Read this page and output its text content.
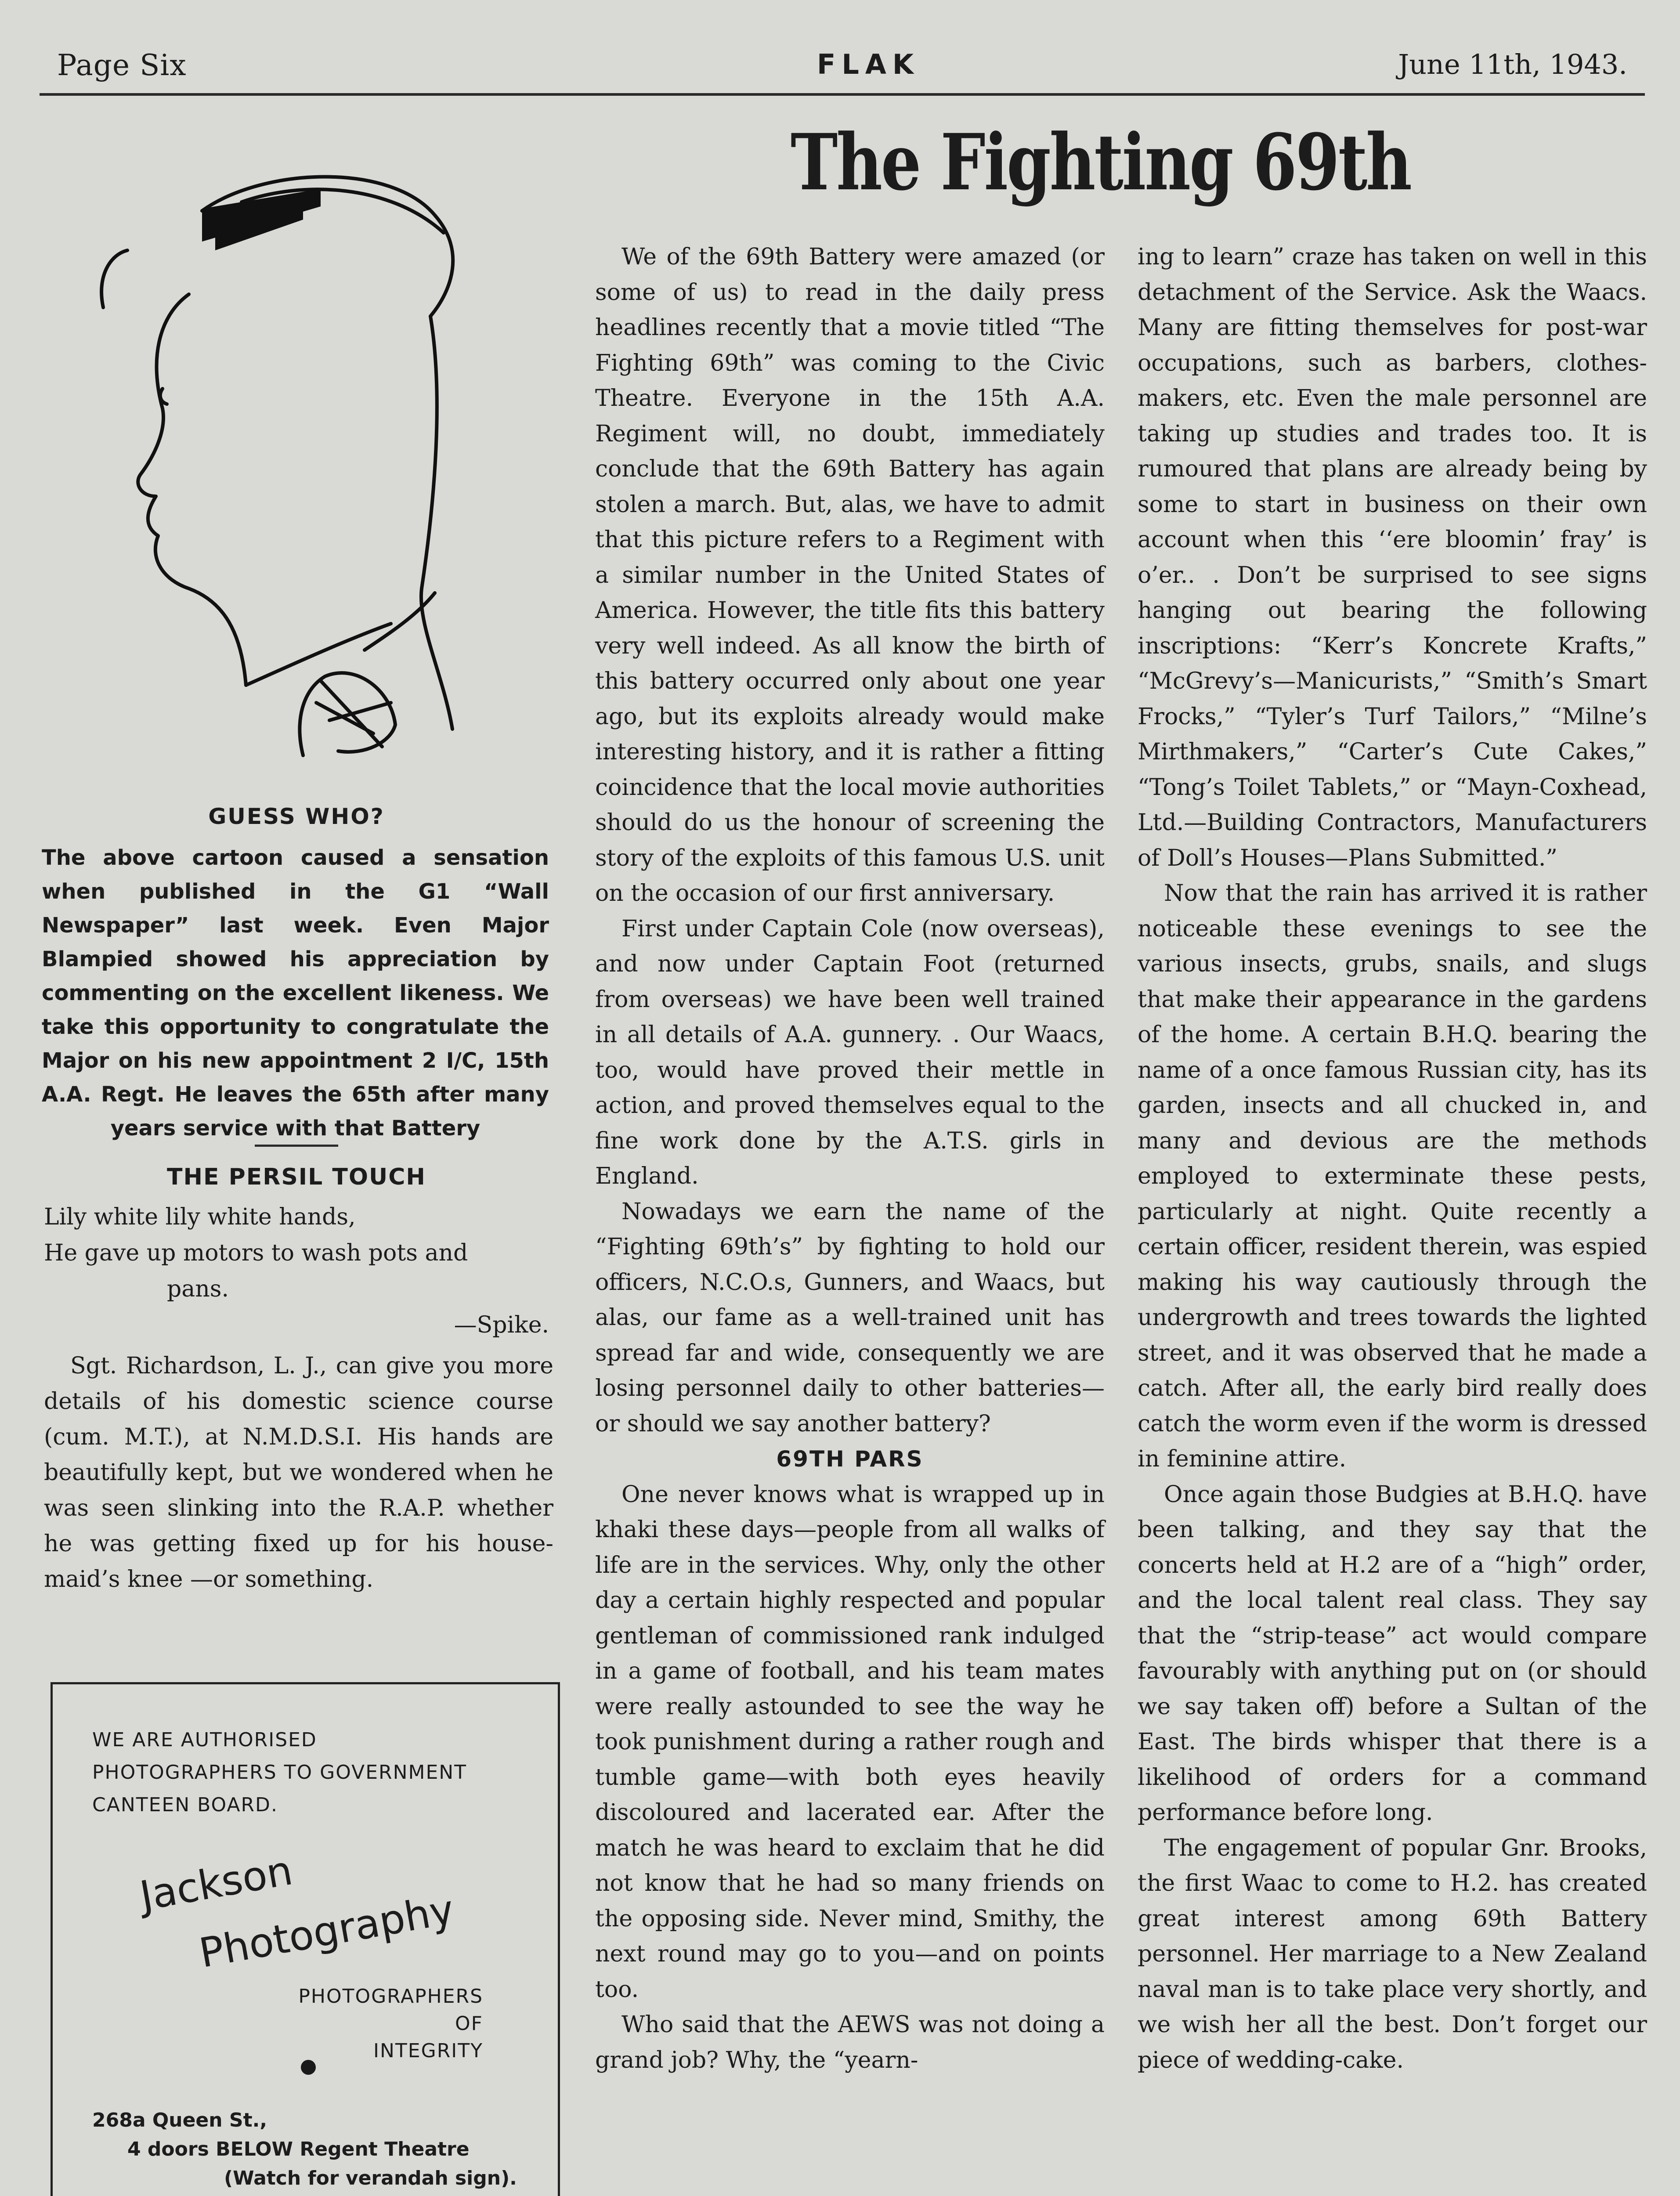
Page Six	FLAK	June 11th, 1943.
The Fighting 69th
GUESS WHO?
The above cartoon caused a sensation when published in the G1 “Wall Newspaper” last week. Even Major Blampied showed his appreciation by commenting on the excellent likeness. We take this opportunity to congratulate the Major on his new appointment 2 I/C, 15th A.A. Regt. He leaves the 65th after many years service with that Battery
THE PERSIL TOUCH
Lily white lily white hands,
He gave up motors to wash pots and
pans.
—Spike.
Sgt. Richardson, L. J., can give you more details of his domestic science course (cum. M.T.), at N.M.D.S.I. His hands are beautifully kept, but we wondered when he was seen slinking into the R.A.P. whether he was getting fixed up for his house-maid’s knee —or something.
WE ARE AUTHORISED
PHOTOGRAPHERS TO GOVERNMENT
CANTEEN BOARD.
Jackson
Photography
PHOTOGRAPHERS OF
INTEGRITY
268a Queen St.,
4 doors BELOW Regent Theatre
(Watch for verandah sign).

We of the 69th Battery were amazed (or some of us) to read in the daily press headlines recently that a movie titled “The Fighting 69th” was coming to the Civic Theatre. Everyone in the 15th A.A. Regiment will, no doubt, immediately conclude that the 69th Battery has again stolen a march. But, alas, we have to admit that this picture refers to a Regiment with a similar number in the United States of America. However, the title fits this battery very well indeed. As all know the birth of this battery occurred only about one year ago, but its exploits already would make interesting history, and it is rather a fitting coincidence that the local movie authorities should do us the honour of screening the story of the exploits of this famous U.S. unit on the occasion of our first anniversary.

First under Captain Cole (now overseas), and now under Captain Foot (returned from overseas) we have been well trained in all details of A.A. gunnery. . Our Waacs, too, would have proved their mettle in action, and proved themselves equal to the fine work done by the A.T.S. girls in England.

Nowadays we earn the name of the “Fighting 69th’s” by fighting to hold our officers, N.C.O.s, Gunners, and Waacs, but alas, our fame as a well-trained unit has spread far and wide, consequently we are losing personnel daily to other batteries—or should we say another battery?

69TH PARS

One never knows what is wrapped up in khaki these days—people from all walks of life are in the services. Why, only the other day a certain highly respected and popular gentleman of commissioned rank indulged in a game of football, and his team mates were really astounded to see the way he took punishment during a rather rough and tumble game—with both eyes heavily discoloured and lacerated ear. After the match he was heard to exclaim that he did not know that he had so many friends on the opposing side. Never mind, Smithy, the next round may go to you—and on points too.

Who said that the AEWS was not doing a grand job? Why, the “yearn-

ing to learn” craze has taken on well in this detachment of the Service. Ask the Waacs. Many are fitting themselves for post-war occupations, such as barbers, clothes-makers, etc. Even the male personnel are taking up studies and trades too. It is rumoured that plans are already being by some to start in business on their own account when this ‘‘ere bloomin’ fray’ is o’er.. . Don’t be surprised to see signs hanging out bearing the following inscriptions: “Kerr’s Koncrete Krafts,” “McGrevy’s—Manicurists,” “Smith’s Smart Frocks,” “Tyler’s Turf Tailors,” “Milne’s Mirthmakers,” “Carter’s Cute Cakes,” “Tong’s Toilet Tablets,” or “Mayn-Coxhead, Ltd.—Building Contractors, Manufacturers of Doll’s Houses—Plans Submitted.”

Now that the rain has arrived it is rather noticeable these evenings to see the various insects, grubs, snails, and slugs that make their appearance in the gardens of the home. A certain B.H.Q. bearing the name of a once famous Russian city, has its garden, insects and all chucked in, and many and devious are the methods employed to exterminate these pests, particularly at night. Quite recently a certain officer, resident therein, was espied making his way cautiously through the undergrowth and trees towards the lighted street, and it was observed that he made a catch. After all, the early bird really does catch the worm even if the worm is dressed in feminine attire.

Once again those Budgies at B.H.Q. have been talking, and they say that the concerts held at H.2 are of a “high” order, and the local talent real class. They say that the “strip-tease” act would compare favourably with anything put on (or should we say taken off) before a Sultan of the East. The birds whisper that there is a likelihood of orders for a command performance before long.

The engagement of popular Gnr. Brooks, the first Waac to come to H.2. has created great interest among 69th Battery personnel. Her marriage to a New Zealand naval man is to take place very shortly, and we wish her all the best. Don’t forget our piece of wedding-cake.
